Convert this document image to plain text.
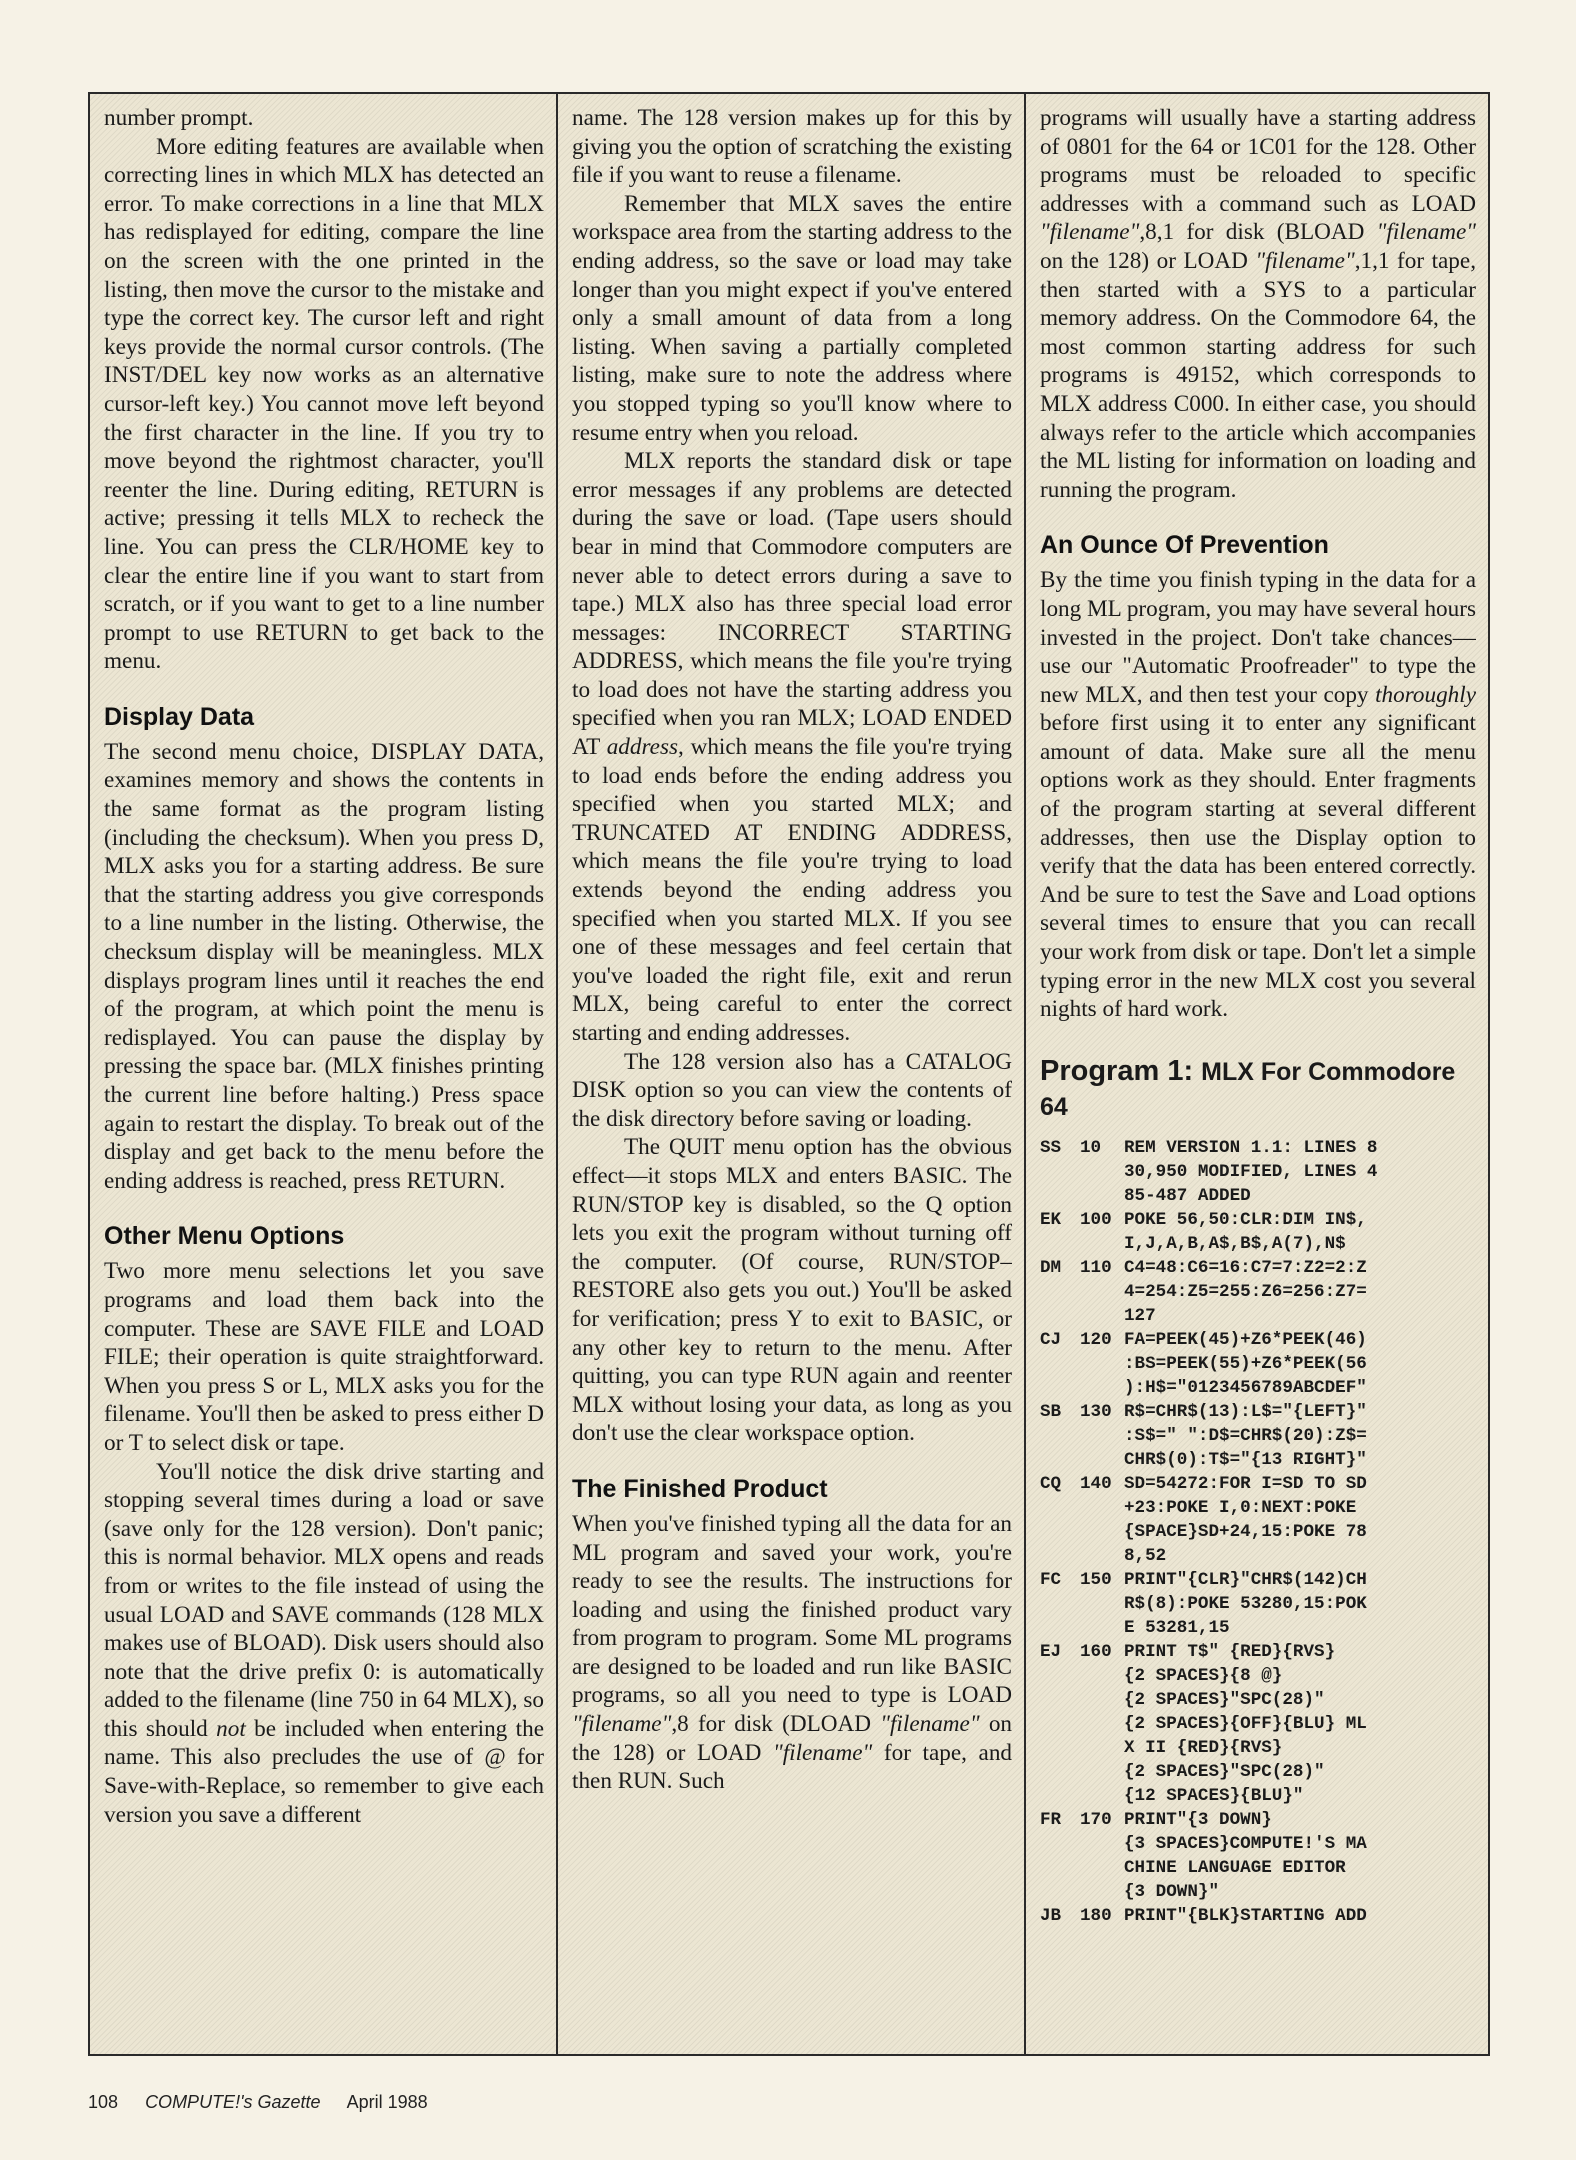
number prompt.

More editing features are available when correcting lines in which MLX has detected an error. To make corrections in a line that MLX has redisplayed for editing, compare the line on the screen with the one printed in the listing, then move the cursor to the mistake and type the correct key. The cursor left and right keys provide the normal cursor controls. (The INST/DEL key now works as an alternative cursor-left key.) You cannot move left beyond the first character in the line. If you try to move beyond the rightmost character, you'll reenter the line. During editing, RETURN is active; pressing it tells MLX to recheck the line. You can press the CLR/HOME key to clear the entire line if you want to start from scratch, or if you want to get to a line number prompt to use RETURN to get back to the menu.

Display Data

The second menu choice, DISPLAY DATA, examines memory and shows the contents in the same format as the program listing (including the checksum). When you press D, MLX asks you for a starting address. Be sure that the starting address you give corresponds to a line number in the listing. Otherwise, the checksum display will be meaningless. MLX displays program lines until it reaches the end of the program, at which point the menu is redisplayed. You can pause the display by pressing the space bar. (MLX finishes printing the current line before halting.) Press space again to restart the display. To break out of the display and get back to the menu before the ending address is reached, press RETURN.

Other Menu Options

Two more menu selections let you save programs and load them back into the computer. These are SAVE FILE and LOAD FILE; their operation is quite straightforward. When you press S or L, MLX asks you for the filename. You'll then be asked to press either D or T to select disk or tape.

You'll notice the disk drive starting and stopping several times during a load or save (save only for the 128 version). Don't panic; this is normal behavior. MLX opens and reads from or writes to the file instead of using the usual LOAD and SAVE commands (128 MLX makes use of BLOAD). Disk users should also note that the drive prefix 0: is automatically added to the filename (line 750 in 64 MLX), so this should not be included when entering the name. This also precludes the use of @ for Save-with-Replace, so remember to give each version you save a different

name. The 128 version makes up for this by giving you the option of scratching the existing file if you want to reuse a filename.

Remember that MLX saves the entire workspace area from the starting address to the ending address, so the save or load may take longer than you might expect if you've entered only a small amount of data from a long listing. When saving a partially completed listing, make sure to note the address where you stopped typing so you'll know where to resume entry when you reload.

MLX reports the standard disk or tape error messages if any problems are detected during the save or load. (Tape users should bear in mind that Commodore computers are never able to detect errors during a save to tape.) MLX also has three special load error messages: INCORRECT STARTING ADDRESS, which means the file you're trying to load does not have the starting address you specified when you ran MLX; LOAD ENDED AT address, which means the file you're trying to load ends before the ending address you specified when you started MLX; and TRUNCATED AT ENDING ADDRESS, which means the file you're trying to load extends beyond the ending address you specified when you started MLX. If you see one of these messages and feel certain that you've loaded the right file, exit and rerun MLX, being careful to enter the correct starting and ending addresses.

The 128 version also has a CATALOG DISK option so you can view the contents of the disk directory before saving or loading.

The QUIT menu option has the obvious effect—it stops MLX and enters BASIC. The RUN/STOP key is disabled, so the Q option lets you exit the program without turning off the computer. (Of course, RUN/STOP–RESTORE also gets you out.) You'll be asked for verification; press Y to exit to BASIC, or any other key to return to the menu. After quitting, you can type RUN again and reenter MLX without losing your data, as long as you don't use the clear workspace option.

The Finished Product

When you've finished typing all the data for an ML program and saved your work, you're ready to see the results. The instructions for loading and using the finished product vary from program to program. Some ML programs are designed to be loaded and run like BASIC programs, so all you need to type is LOAD "filename",8 for disk (DLOAD "filename" on the 128) or LOAD "filename" for tape, and then RUN. Such

programs will usually have a starting address of 0801 for the 64 or 1C01 for the 128. Other programs must be reloaded to specific addresses with a command such as LOAD "filename",8,1 for disk (BLOAD "filename" on the 128) or LOAD "filename",1,1 for tape, then started with a SYS to a particular memory address. On the Commodore 64, the most common starting address for such programs is 49152, which corresponds to MLX address C000. In either case, you should always refer to the article which accompanies the ML listing for information on loading and running the program.

An Ounce Of Prevention

By the time you finish typing in the data for a long ML program, you may have several hours invested in the project. Don't take chances—use our "Automatic Proofreader" to type the new MLX, and then test your copy thoroughly before first using it to enter any significant amount of data. Make sure all the menu options work as they should. Enter fragments of the program starting at several different addresses, then use the Display option to verify that the data has been entered correctly. And be sure to test the Save and Load options several times to ensure that you can recall your work from disk or tape. Don't let a simple typing error in the new MLX cost you several nights of hard work.

Program 1: MLX For Commodore 64
SS	10	REM VERSION 1.1: LINES 8
30,950 MODIFIED, LINES 4
85-487 ADDED
EK	100 POKE 56,50:CLR:DIM IN$,
I,J,A,B,A$,B$,A(7),N$
DM	110 C4=48:C6=16:C7=7:Z2=2:Z
4=254:Z5=255:Z6=256:Z7=
127
CJ	120 FA=PEEK(45)+Z6*PEEK(46)
:BS=PEEK(55)+Z6*PEEK(56
):H$="0123456789ABCDEF"
SB	130 R$=CHR$(13):L$="{LEFT}"
:S$=" ":D$=CHR$(20):Z$=
CHR$(0):T$="{13 RIGHT}"
CQ	140 SD=54272:FOR I=SD TO SD
+23:POKE I,0:NEXT:POKE
{SPACE}SD+24,15:POKE 78
8,52
FC	150 PRINT"{CLR}"CHR$(142)CH
R$(8):POKE 53280,15:POK
E 53281,15
EJ	160 PRINT T$" {RED}{RVS}
{2 SPACES}{8 @}
{2 SPACES}"SPC(28)"
{2 SPACES}{OFF}{BLU} ML
X II {RED}{RVS}
{2 SPACES}"SPC(28)"
{12 SPACES}{BLU}"
FR	170 PRINT"{3 DOWN}
{3 SPACES}COMPUTE!'S MA
CHINE LANGUAGE EDITOR
{3 DOWN}"
JB	180 PRINT"{BLK}STARTING ADD
108 COMPUTE!'s Gazette April 1988
